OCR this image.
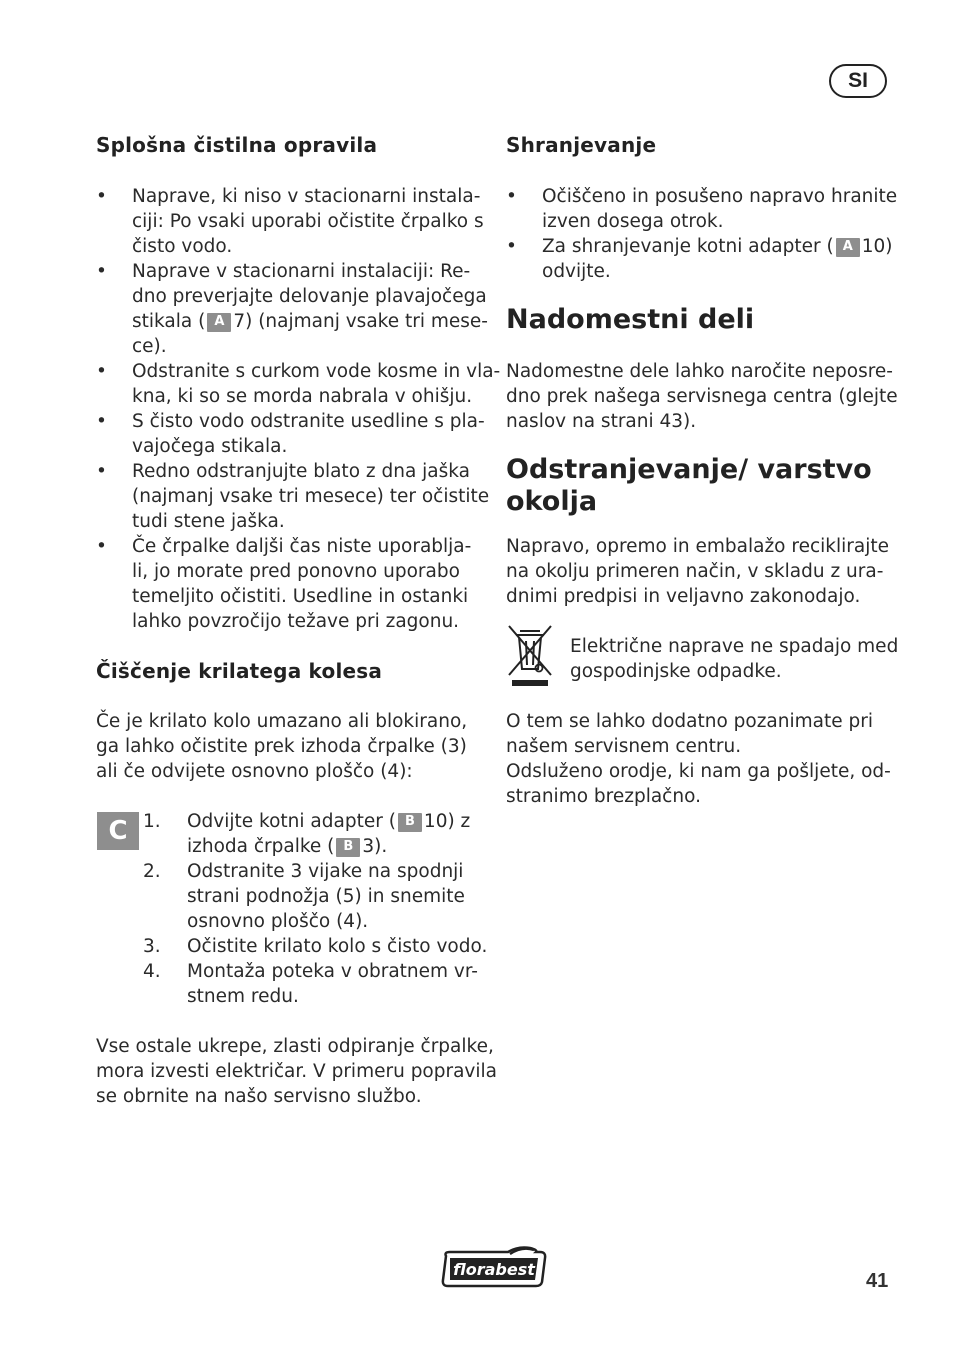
SI
Splošna čistilna opravila
• Naprave, ki niso v stacionarni instala-
ciji: Po vsaki uporabi očistite črpalko s
čisto vodo.
• Naprave v stacionarni instalaciji: Re-
dno preverjajte delovanje plavajočega
stikala ( A 7) (najmanj vsake tri mese-
ce).
• Odstranite s curkom vode kosme in vla-
kna, ki so se morda nabrala v ohišju.
• S čisto vodo odstranite usedline s pla-
vajočega stikala.
• Redno odstranjujte blato z dna jaška
(najmanj vsake tri mesece) ter očistite
tudi stene jaška.
• Če črpalke daljši čas niste uporablja-
li, jo morate pred ponovno uporabo
temeljito očistiti. Usedline in ostanki
lahko povzročijo težave pri zagonu.
Čiščenje krilatega kolesa

Če je krilato kolo umazano ali blokirano,

ga lahko očistite prek izhoda črpalke (3)

ali če odvijete osnovno ploščo (4):

1. Odvijte kotni adapter ( B 10) z
izhoda črpalke ( B 3).
2. Odstranite 3 vijake na spodnji
strani podnožja (5) in snemite
osnovno ploščo (4).
3. Očistite krilato kolo s čisto vodo.
4. Montaža poteka v obratnem vr-
stnem redu.

Vse ostale ukrepe, zlasti odpiranje črpalke,

mora izvesti električar. V primeru popravila

se obrnite na našo servisno službo.

C
Shranjevanje
• Očiščeno in posušeno napravo hranite
izven dosega otrok.
• Za shranjevanje kotni adapter ( A 10)
odvijte.
Nadomestni deli

Nadomestne dele lahko naročite neposre-

dno prek našega servisnega centra (glejte

naslov na strani 43).

Odstranjevanje/ varstvo
okolja

Napravo, opremo in embalažo reciklirajte

na okolju primeren način, v skladu z ura-

dnimi predpisi in veljavno zakonodajo.

Električne naprave ne spadajo med

gospodinjske odpadke.

O tem se lahko dodatno pozanimate pri

našem servisnem centru.

Odsluženo orodje, ki nam ga pošljete, od-

stranimo brezplačno.

florabest
41
